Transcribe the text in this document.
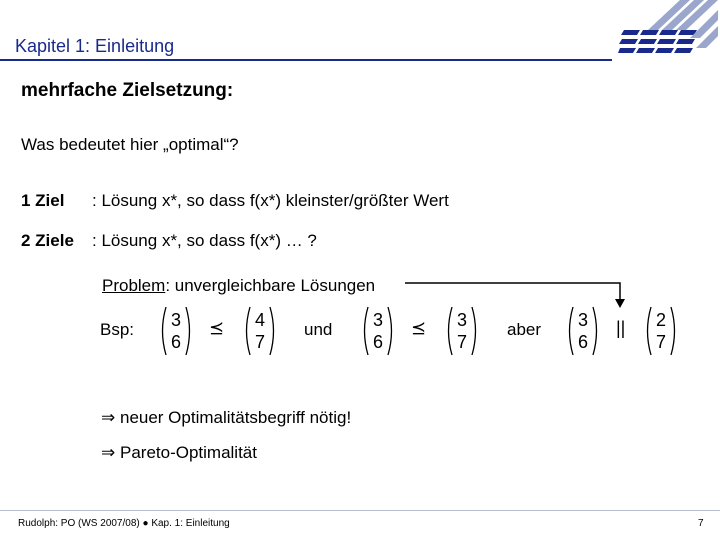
Kapitel 1: Einleitung
mehrfache Zielsetzung:
Was bedeutet hier „optimal“?
1 Ziel : Lösung x*, so dass f(x*) kleinster/größter Wert
2 Ziele : Lösung x*, so dass f(x*) … ?
Problem: unvergleichbare Lösungen
Bsp:	3
6
⪯	4
7
und	3
6
⪯	3
7
aber	3
6
||	2
7
⇒ neuer Optimalitätsbegriff nötig!
⇒ Pareto-Optimalität
Rudolph: PO (WS 2007/08) ● Kap. 1: Einleitung	7
